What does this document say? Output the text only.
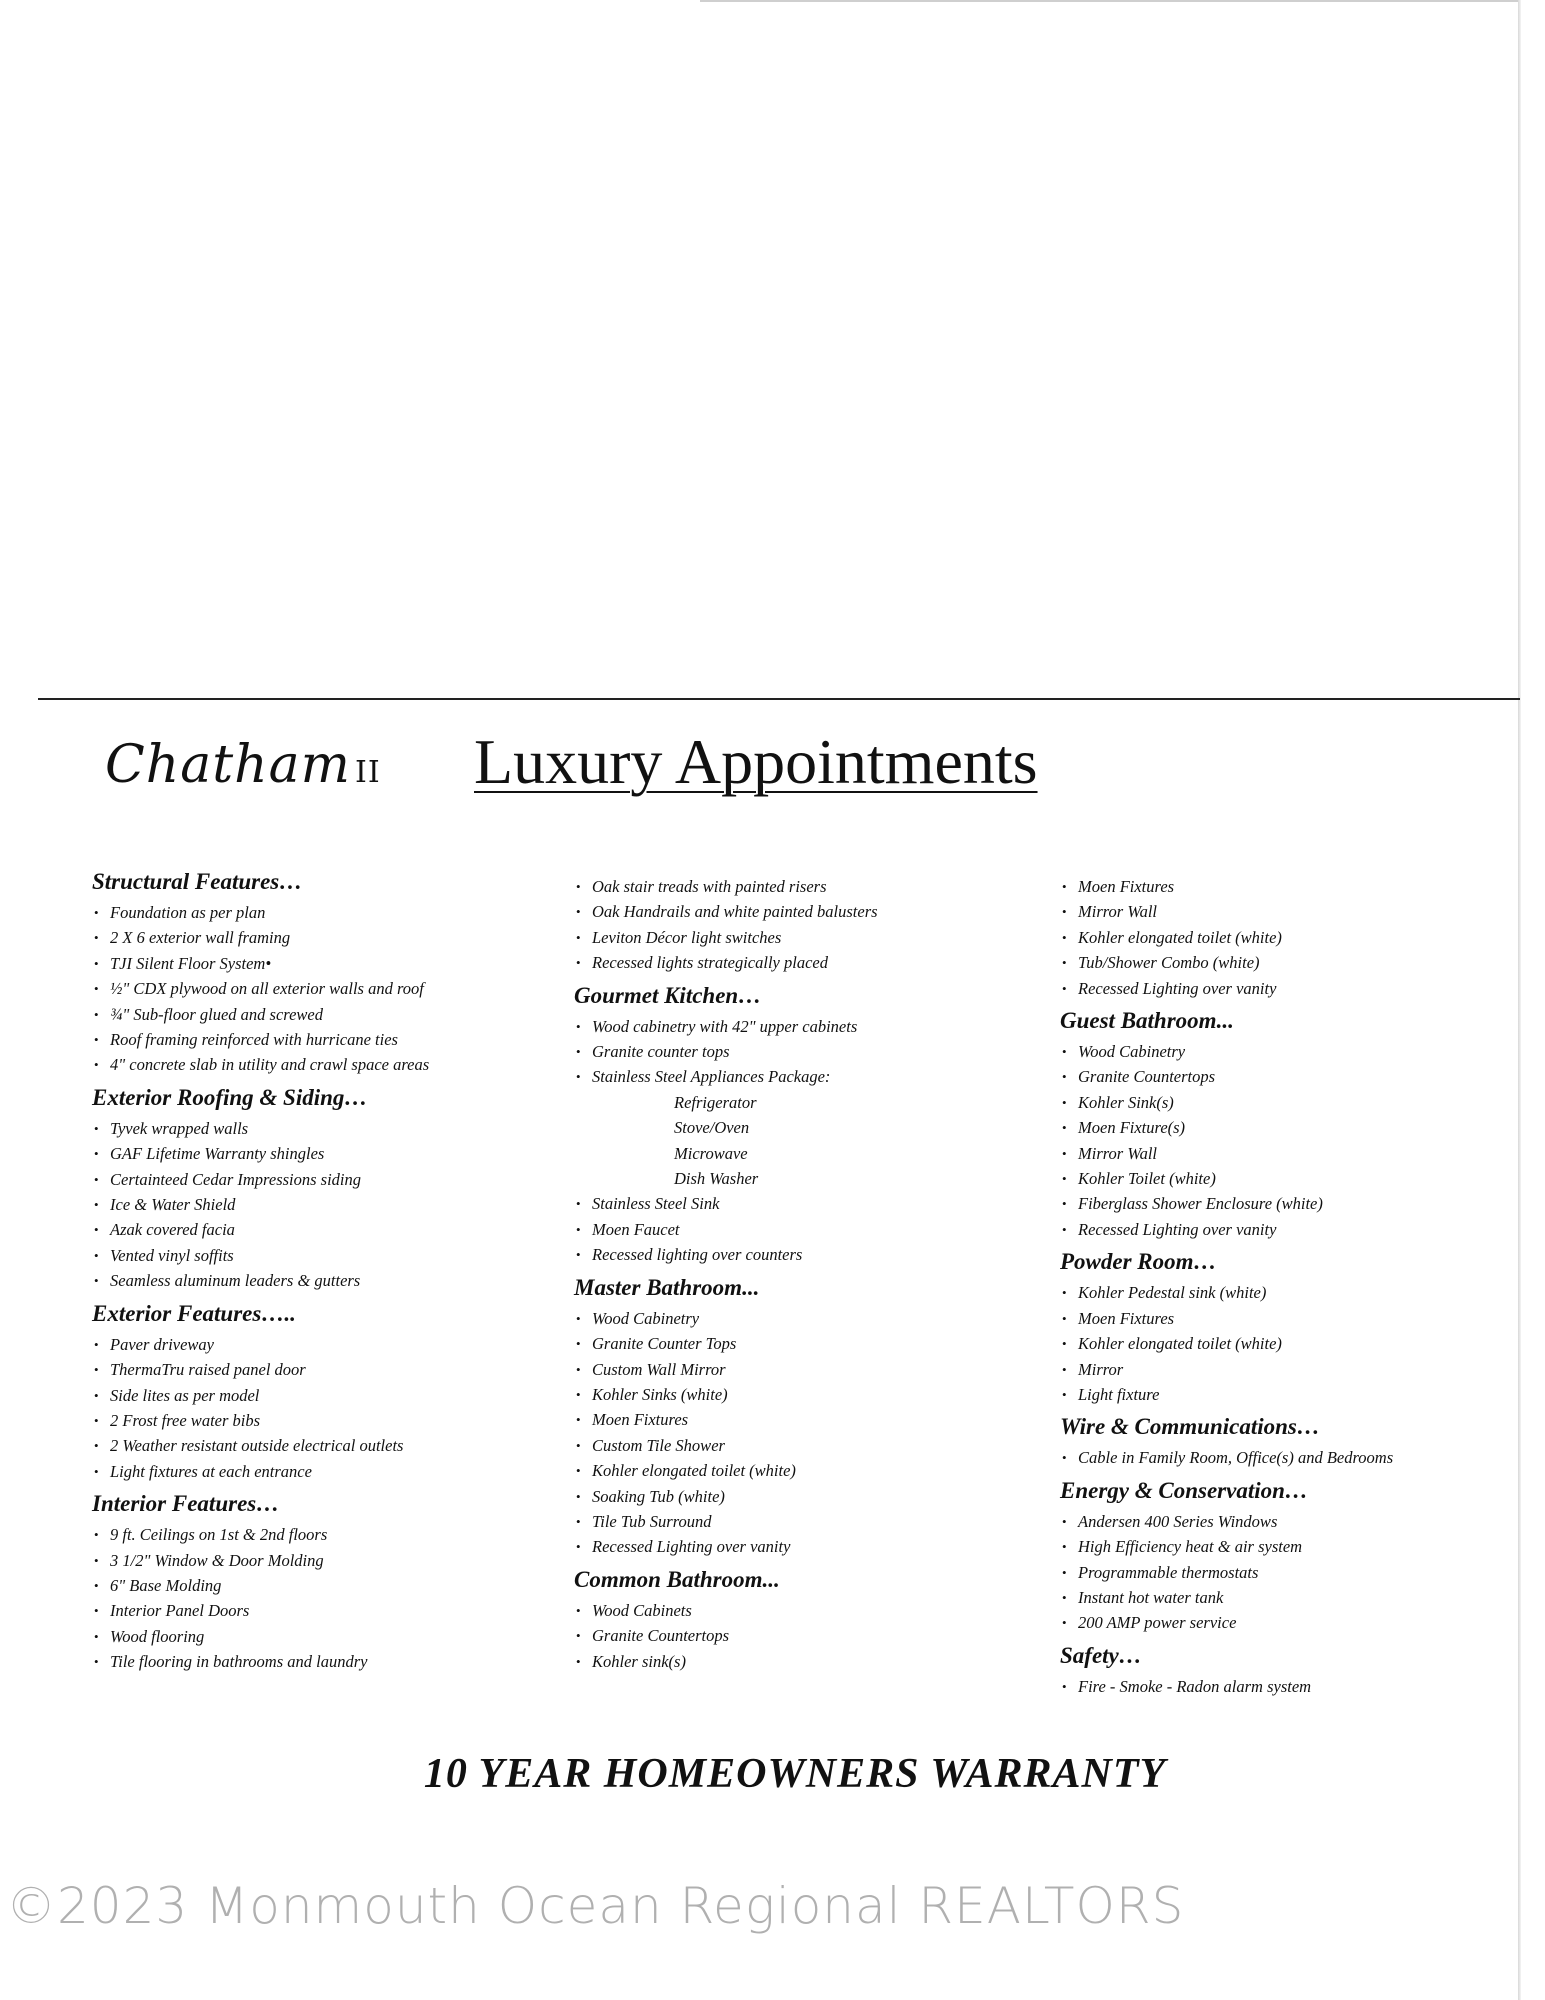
Chatham II Luxury Appointments
Structural Features…
• Foundation as per plan
• 2 X 6 exterior wall framing
• TJI Silent Floor System•
• ½" CDX plywood on all exterior walls and roof
• ¾" Sub-floor glued and screwed
• Roof framing reinforced with hurricane ties
• 4" concrete slab in utility and crawl space areas
Exterior Roofing & Siding…
• Tyvek wrapped walls
• GAF Lifetime Warranty shingles
• Certainteed Cedar Impressions siding
• Ice & Water Shield
• Azak covered facia
• Vented vinyl soffits
• Seamless aluminum leaders & gutters
Exterior Features…..
• Paver driveway
• ThermaTru raised panel door
• Side lites as per model
• 2 Frost free water bibs
• 2 Weather resistant outside electrical outlets
• Light fixtures at each entrance
Interior Features…
• 9 ft. Ceilings on 1st & 2nd floors
• 3 1/2" Window & Door Molding
• 6" Base Molding
• Interior Panel Doors
• Wood flooring
• Tile flooring in bathrooms and laundry
• Oak stair treads with painted risers
• Oak Handrails and white painted balusters
• Leviton Décor light switches
• Recessed lights strategically placed
Gourmet Kitchen…
• Wood cabinetry with 42" upper cabinets
• Granite counter tops
• Stainless Steel Appliances Package:
Refrigerator
Stove/Oven
Microwave
Dish Washer
• Stainless Steel Sink
• Moen Faucet
• Recessed lighting over counters
Master Bathroom...
• Wood Cabinetry
• Granite Counter Tops
• Custom Wall Mirror
• Kohler Sinks (white)
• Moen Fixtures
• Custom Tile Shower
• Kohler elongated toilet (white)
• Soaking Tub (white)
• Tile Tub Surround
• Recessed Lighting over vanity
Common Bathroom...
• Wood Cabinets
• Granite Countertops
• Kohler sink(s)
• Moen Fixtures
• Mirror Wall
• Kohler elongated toilet (white)
• Tub/Shower Combo (white)
• Recessed Lighting over vanity
Guest Bathroom...
• Wood Cabinetry
• Granite Countertops
• Kohler Sink(s)
• Moen Fixture(s)
• Mirror Wall
• Kohler Toilet (white)
• Fiberglass Shower Enclosure (white)
• Recessed Lighting over vanity
Powder Room…
• Kohler Pedestal sink (white)
• Moen Fixtures
• Kohler elongated toilet (white)
• Mirror
• Light fixture
Wire & Communications…
• Cable in Family Room, Office(s) and Bedrooms
Energy & Conservation…
• Andersen 400 Series Windows
• High Efficiency heat & air system
• Programmable thermostats
• Instant hot water tank
• 200 AMP power service
Safety…
• Fire - Smoke - Radon alarm system
10 YEAR HOMEOWNERS WARRANTY
©2023 Monmouth Ocean Regional REALTORS
